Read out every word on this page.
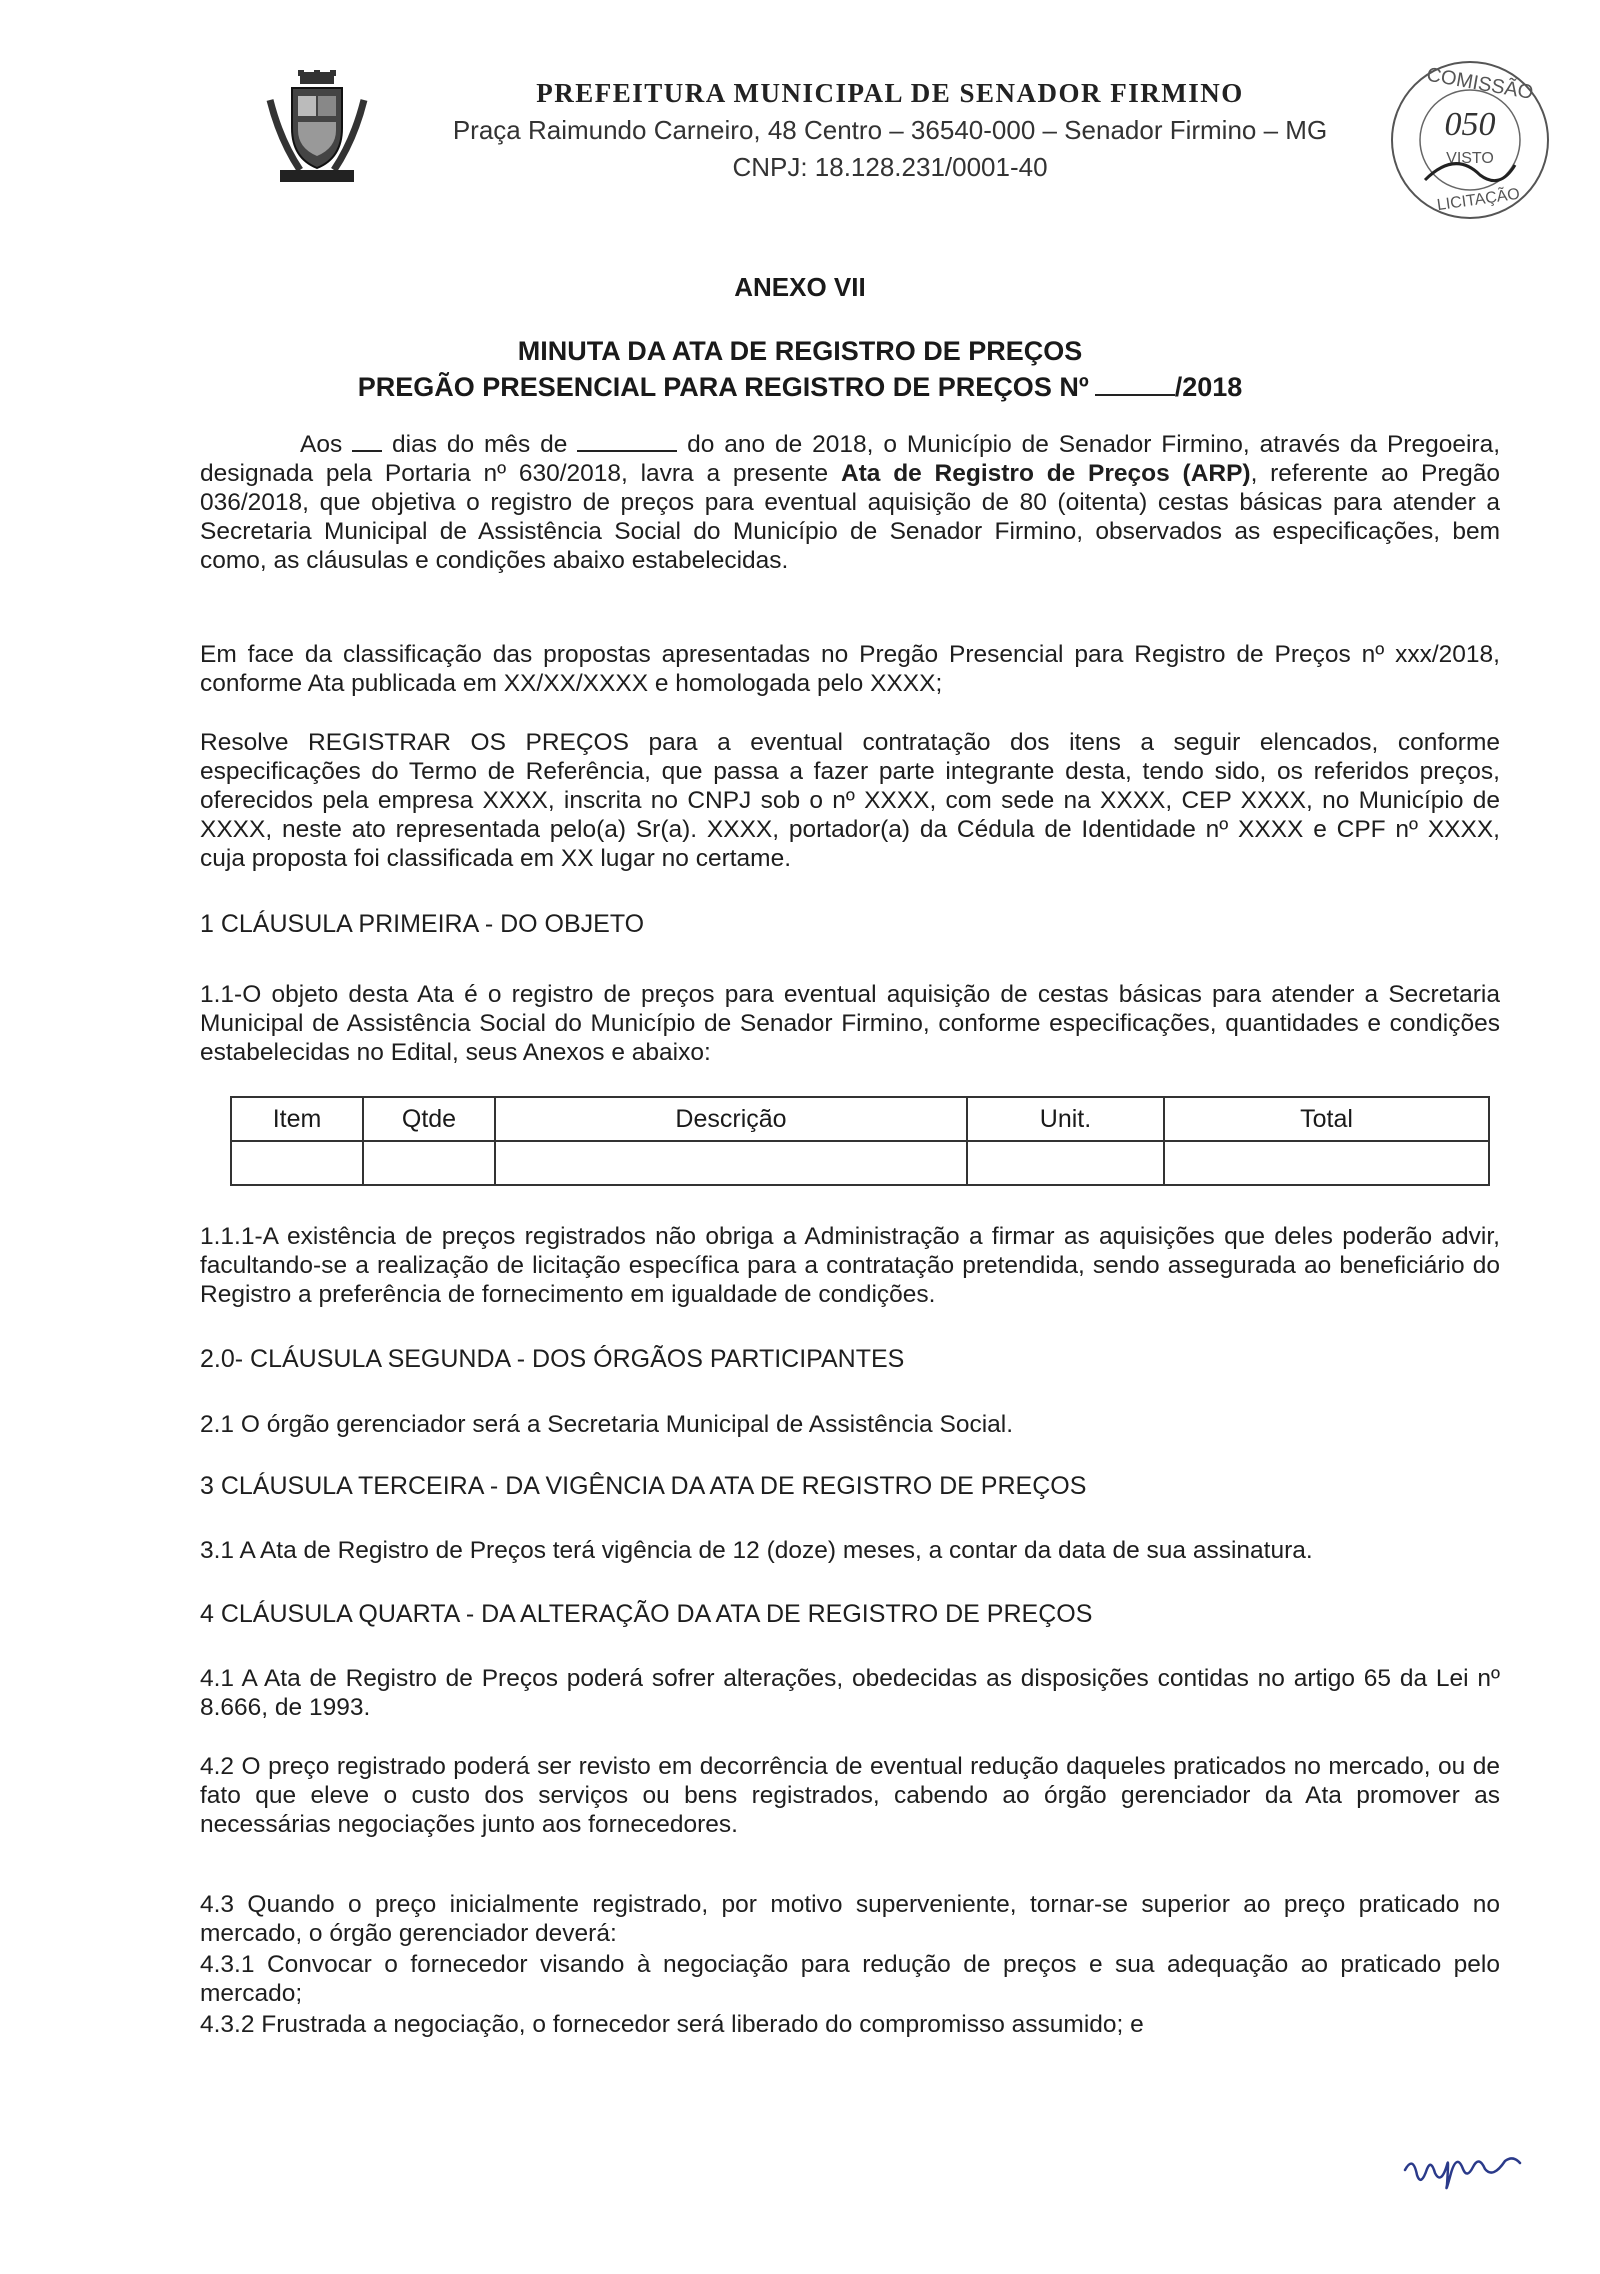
PREFEITURA MUNICIPAL DE SENADOR FIRMINO
Praça Raimundo Carneiro, 48 Centro – 36540-000 – Senador Firmino – MG
CNPJ: 18.128.231/0001-40
COMISSÃO
050
VISTO
LICITAÇÃO
ANEXO VII
MINUTA DA ATA DE REGISTRO DE PREÇOS
PREGÃO PRESENCIAL PARA REGISTRO DE PREÇOS Nº	/2018
Aos dias do mês de	do ano de 2018, o Município de Senador Firmino, através da Pregoeira, designada pela Portaria nº 630/2018, lavra a presente Ata de Registro de Preços (ARP), referente ao Pregão 036/2018, que objetiva o registro de preços para eventual aquisição de 80 (oitenta) cestas básicas para atender a Secretaria Municipal de Assistência Social do Município de Senador Firmino, observados as especificações, bem como, as cláusulas e condições abaixo estabelecidas.
Em face da classificação das propostas apresentadas no Pregão Presencial para Registro de Preços nº xxx/2018, conforme Ata publicada em XX/XX/XXXX e homologada pelo XXXX;
Resolve REGISTRAR OS PREÇOS para a eventual contratação dos itens a seguir elencados, conforme especificações do Termo de Referência, que passa a fazer parte integrante desta, tendo sido, os referidos preços, oferecidos pela empresa XXXX, inscrita no CNPJ sob o nº XXXX, com sede na XXXX, CEP XXXX, no Município de XXXX, neste ato representada pelo(a) Sr(a). XXXX, portador(a) da Cédula de Identidade nº XXXX e CPF nº XXXX, cuja proposta foi classificada em XX lugar no certame.
1 CLÁUSULA PRIMEIRA - DO OBJETO
1.1-O objeto desta Ata é o registro de preços para eventual aquisição de cestas básicas para atender a Secretaria Municipal de Assistência Social do Município de Senador Firmino, conforme especificações, quantidades e condições estabelecidas no Edital, seus Anexos e abaixo:
Item	Qtde	Descrição	Unit.	Total

1.1.1-A existência de preços registrados não obriga a Administração a firmar as aquisições que deles poderão advir, facultando-se a realização de licitação específica para a contratação pretendida, sendo assegurada ao beneficiário do Registro a preferência de fornecimento em igualdade de condições.
2.0- CLÁUSULA SEGUNDA - DOS ÓRGÃOS PARTICIPANTES
2.1 O órgão gerenciador será a Secretaria Municipal de Assistência Social.
3 CLÁUSULA TERCEIRA - DA VIGÊNCIA DA ATA DE REGISTRO DE PREÇOS
3.1 A Ata de Registro de Preços terá vigência de 12 (doze) meses, a contar da data de sua assinatura.
4 CLÁUSULA QUARTA - DA ALTERAÇÃO DA ATA DE REGISTRO DE PREÇOS
4.1 A Ata de Registro de Preços poderá sofrer alterações, obedecidas as disposições contidas no artigo 65 da Lei nº 8.666, de 1993.
4.2 O preço registrado poderá ser revisto em decorrência de eventual redução daqueles praticados no mercado, ou de fato que eleve o custo dos serviços ou bens registrados, cabendo ao órgão gerenciador da Ata promover as necessárias negociações junto aos fornecedores.
4.3 Quando o preço inicialmente registrado, por motivo superveniente, tornar-se superior ao preço praticado no mercado, o órgão gerenciador deverá:
4.3.1 Convocar o fornecedor visando à negociação para redução de preços e sua adequação ao praticado pelo mercado;
4.3.2 Frustrada a negociação, o fornecedor será liberado do compromisso assumido; e
